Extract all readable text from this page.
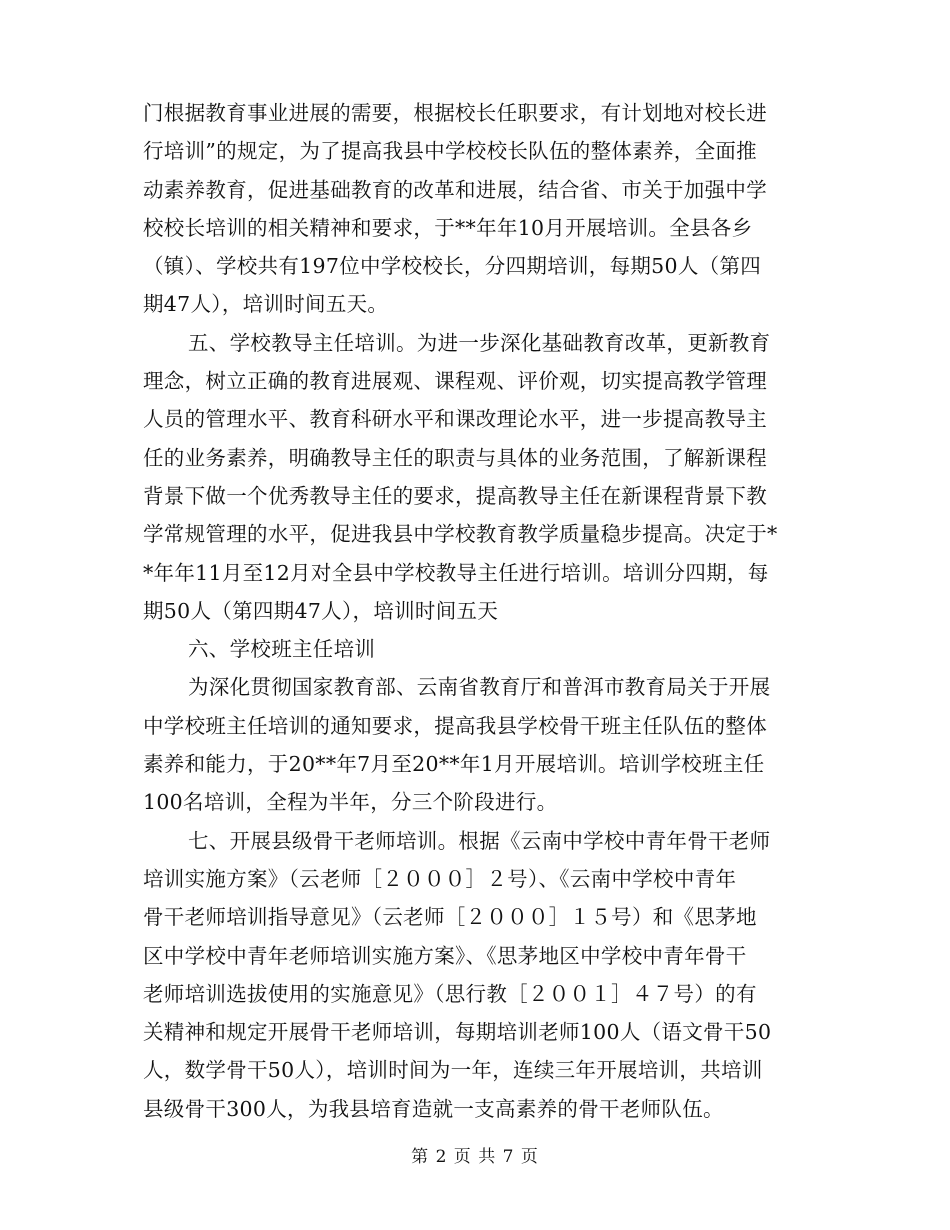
门根据教育事业进展的需要，根据校长任职要求，有计划地对校长进
行培训”的规定，为了提高我县中学校校长队伍的整体素养，全面推
动素养教育，促进基础教育的改革和进展，结合省、市关于加强中学
校校长培训的相关精神和要求，于**年年10月开展培训。全县各乡
（镇）、学校共有197位中学校校长，分四期培训，每期50人（第四
期47人），培训时间五天。
五、学校教导主任培训。为进一步深化基础教育改革，更新教育
理念，树立正确的教育进展观、课程观、评价观，切实提高教学管理
人员的管理水平、教育科研水平和课改理论水平，进一步提高教导主
任的业务素养，明确教导主任的职责与具体的业务范围，了解新课程
背景下做一个优秀教导主任的要求，提高教导主任在新课程背景下教
学常规管理的水平，促进我县中学校教育教学质量稳步提高。决定于*
*年年11月至12月对全县中学校教导主任进行培训。培训分四期，每
期50人（第四期47人），培训时间五天
六、学校班主任培训
为深化贯彻国家教育部、云南省教育厅和普洱市教育局关于开展
中学校班主任培训的通知要求，提高我县学校骨干班主任队伍的整体
素养和能力，于20**年7月至20**年1月开展培训。培训学校班主任
100名培训，全程为半年，分三个阶段进行。
七、开展县级骨干老师培训。根据《云南中学校中青年骨干老师
培训实施方案》（云老师［２０００］２号）、《云南中学校中青年
骨干老师培训指导意见》（云老师［２０００］１５号）和《思茅地
区中学校中青年老师培训实施方案》、《思茅地区中学校中青年骨干
老师培训选拔使用的实施意见》（思行教［２００１］４７号）的有
关精神和规定开展骨干老师培训，每期培训老师100人（语文骨干50
人，数学骨干50人），培训时间为一年，连续三年开展培训，共培训
县级骨干300人，为我县培育造就一支高素养的骨干老师队伍。
第 2 页 共 7 页
